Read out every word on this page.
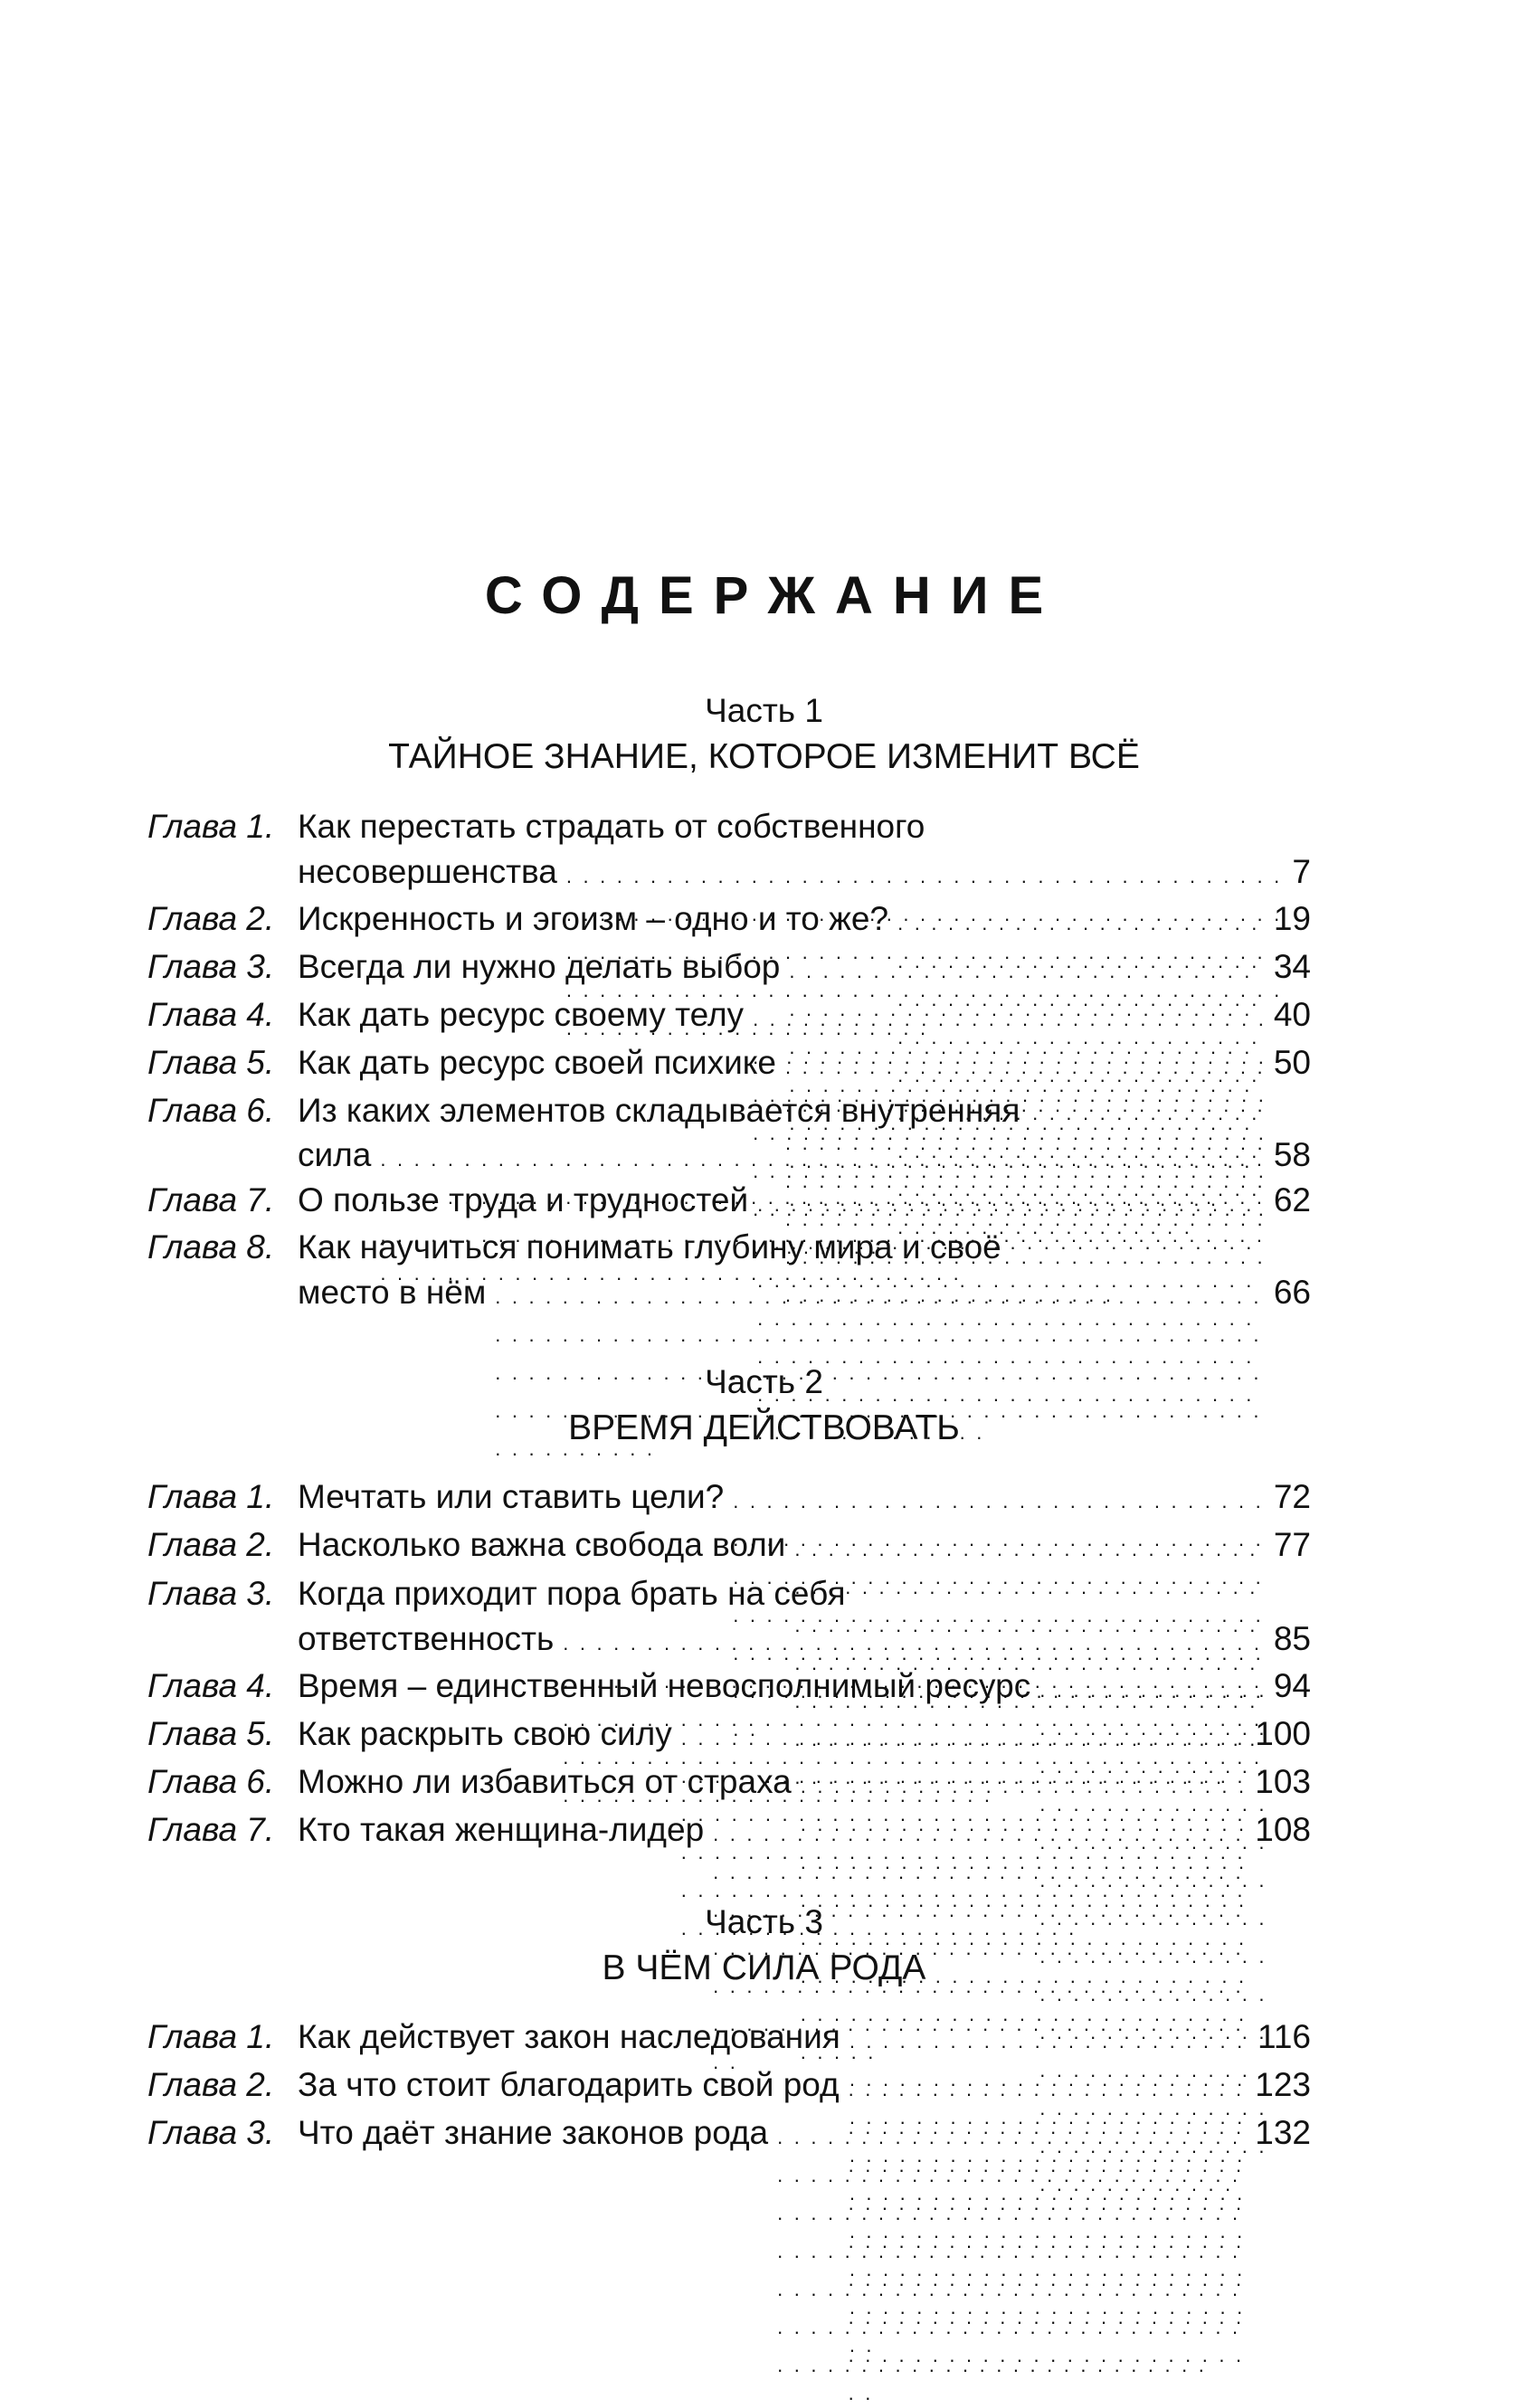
СОДЕРЖАНИЕ
Часть 1
ТАЙНОЕ ЗНАНИЕ, КОТОРОЕ ИЗМЕНИТ ВСЁ
Глава 1. Как перестать страдать от собственного
несовершенства . . .	7
Глава 2. Искренность и эгоизм – одно и то же? . . .	19
Глава 3. Всегда ли нужно делать выбор . . .	34
Глава 4. Как дать ресурс своему телу . . .	40
Глава 5. Как дать ресурс своей психике . . .	50
Глава 6. Из каких элементов складывается внутренняя
сила . . .	58
Глава 7. О пользе труда и трудностей . . .	62
Глава 8. Как научиться понимать глубину мира и своё
место в нём . . .	66
Часть 2
ВРЕМЯ ДЕЙСТВОВАТЬ
Глава 1. Мечтать или ставить цели? . . .	72
Глава 2. Насколько важна свобода воли . . .	77
Глава 3. Когда приходит пора брать на себя
ответственность . . .	85
Глава 4. Время – единственный невосполнимый ресурс . . .	94
Глава 5. Как раскрыть свою силу . . .	100
Глава 6. Можно ли избавиться от страха . . .	103
Глава 7. Кто такая женщина-лидер . . .	108
Часть 3
В ЧЁМ СИЛА РОДА
Глава 1. Как действует закон наследования . . .	116
Глава 2. За что стоит благодарить свой род . . .	123
Глава 3. Что даёт знание законов рода . . .	132
